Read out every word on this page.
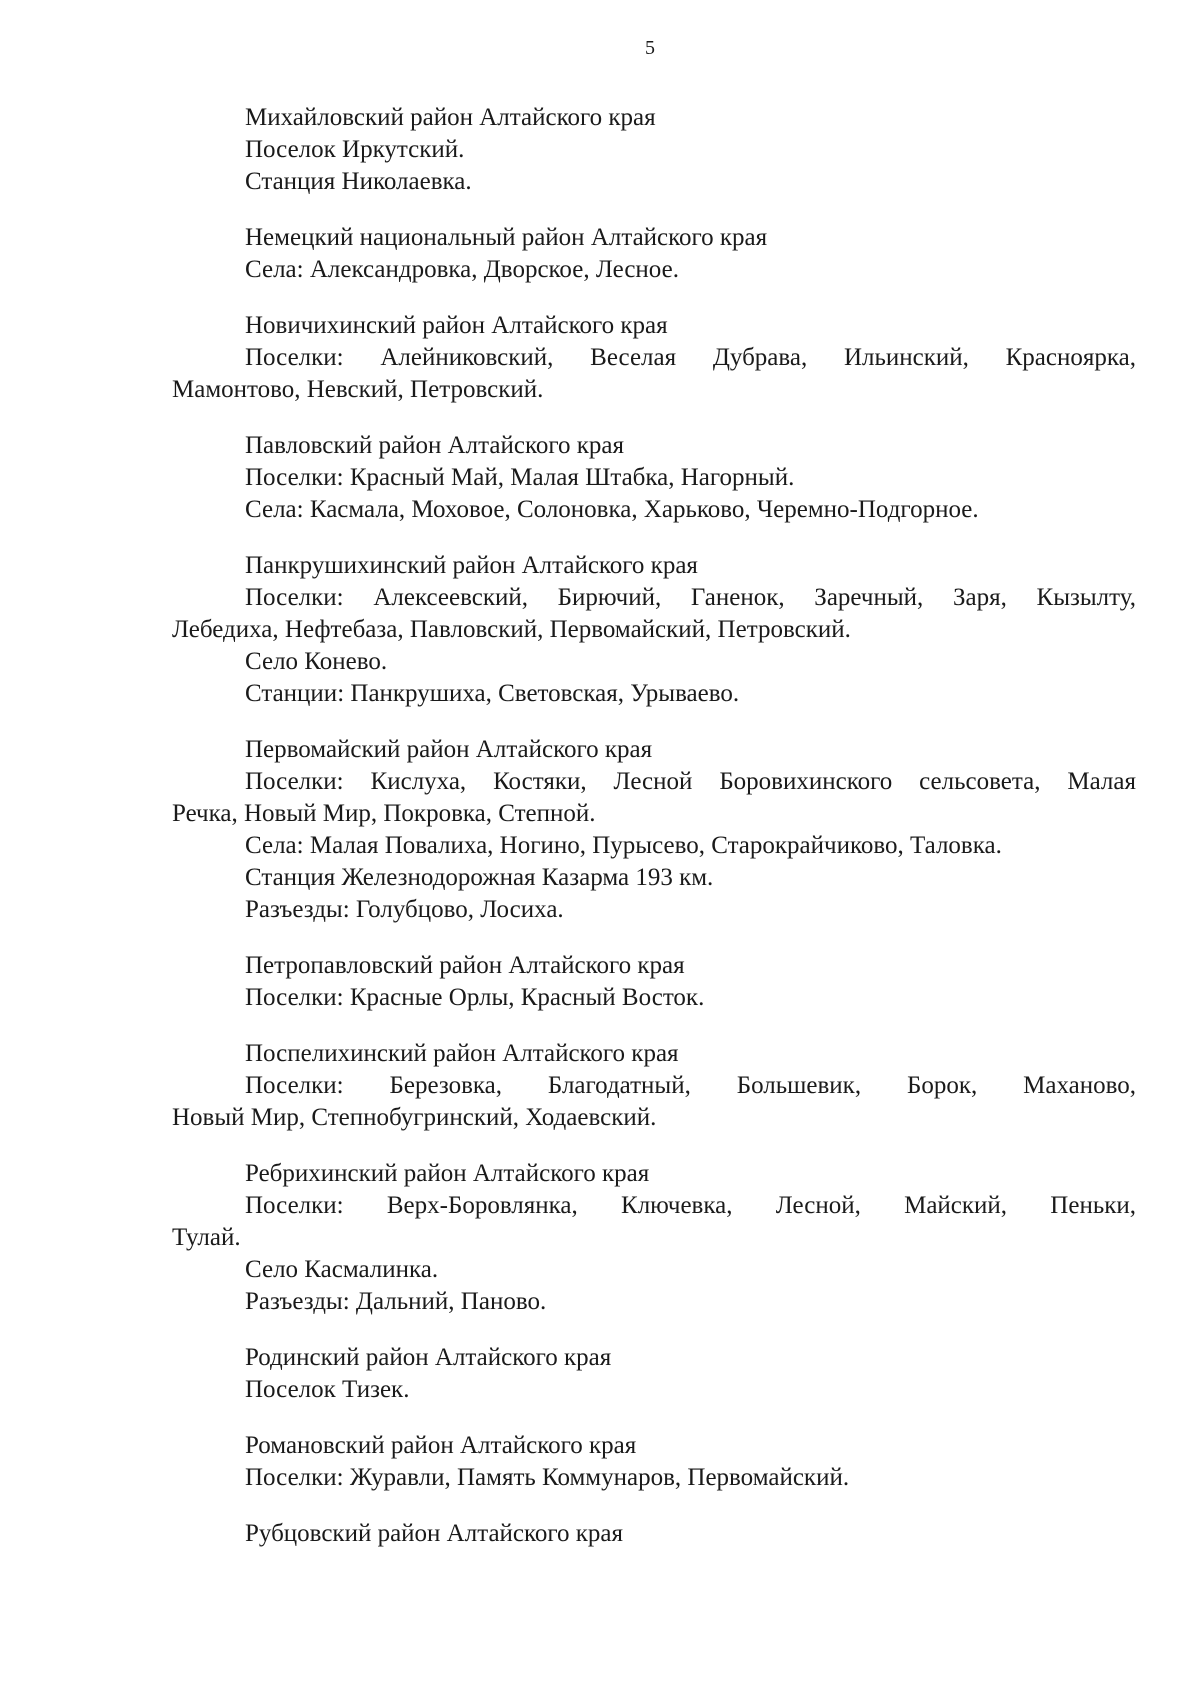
5
Михайловский район Алтайского края
Поселок Иркутский.
Станция Николаевка.
Немецкий национальный район Алтайского края
Села: Александровка, Дворское, Лесное.
Новичихинский район Алтайского края
Поселки: Алейниковский, Веселая Дубрава, Ильинский, Краснoярка,
Мамонтово, Невский, Петровский.
Павловский район Алтайского края
Поселки: Красный Май, Малая Штабка, Нагорный.
Села: Касмала, Моховое, Солоновка, Харьково, Черемно-Подгорное.
Панкрушихинский район Алтайского края
Поселки: Алексеевский, Бирючий, Ганенок, Заречный, Заря, Кызылту,
Лебедиха, Нефтебаза, Павловский, Первомайский, Петровский.
Село Конево.
Станции: Панкрушиха, Световская, Урываево.
Первомайский район Алтайского края
Поселки: Кислуха, Костяки, Лесной Боровихинского сельсовета, Малая
Речка, Новый Мир, Покровка, Степной.
Села: Малая Повалиха, Ногино, Пурысево, Старокрайчиково, Таловка.
Станция Железнодорожная Казарма 193 км.
Разъезды: Голубцово, Лосиха.
Петропавловский район Алтайского края
Поселки: Красные Орлы, Красный Восток.
Поспелихинский район Алтайского края
Поселки: Березовка, Благодатный, Большевик, Борок, Маханово,
Новый Мир, Степнобугринский, Ходаевский.
Ребрихинский район Алтайского края
Поселки: Верх-Боровлянка, Ключевка, Лесной, Майский, Пеньки,
Тулай.
Село Касмалинка.
Разъезды: Дальний, Паново.
Родинский район Алтайского края
Поселок Тизек.
Романовский район Алтайского края
Поселки: Журавли, Память Коммунаров, Первомайский.
Рубцовский район Алтайского края
